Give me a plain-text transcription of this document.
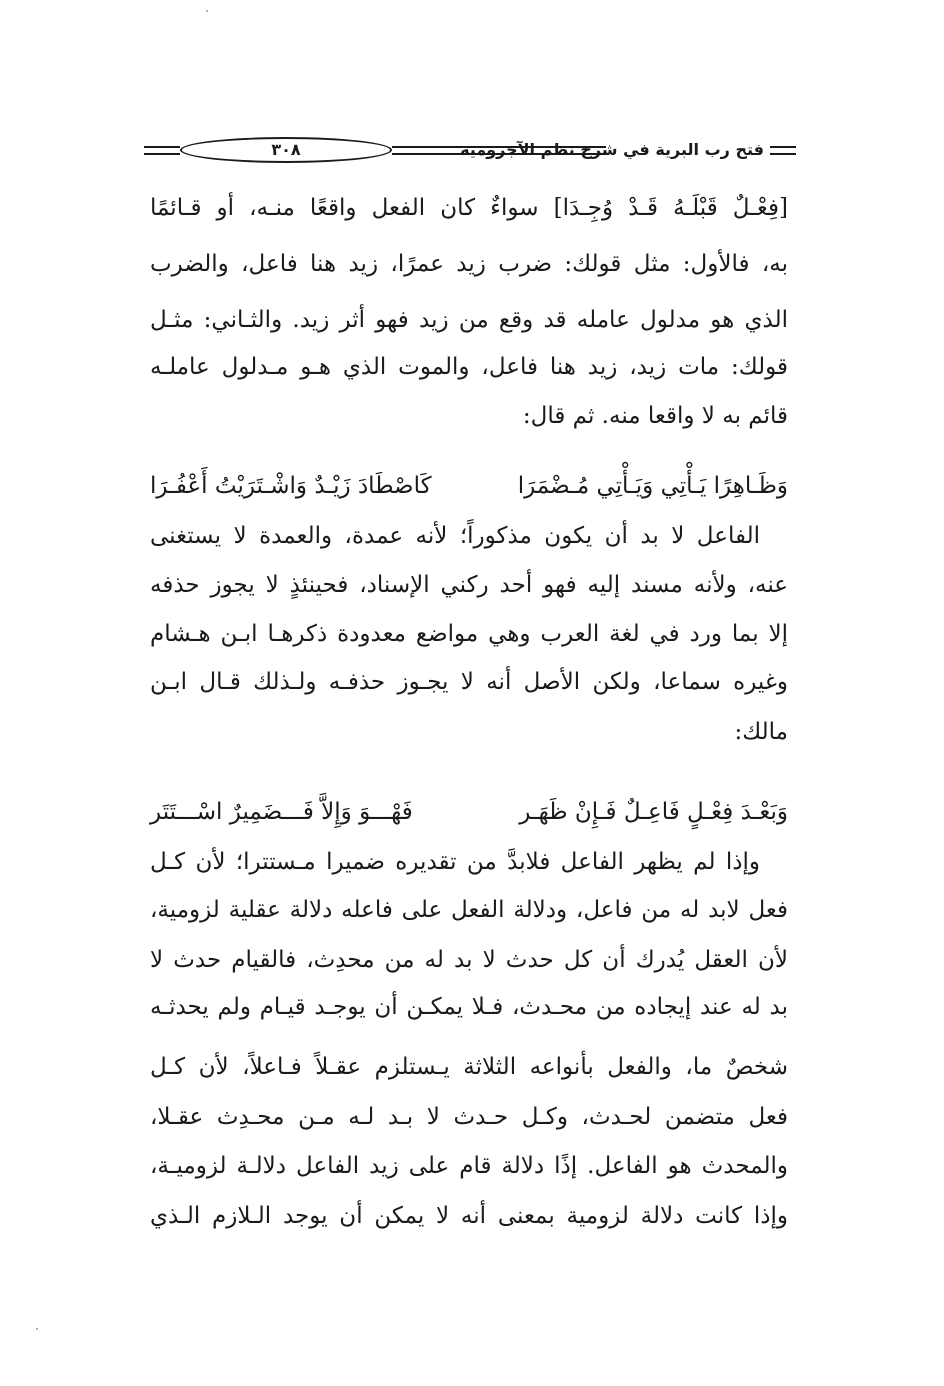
فتح رب البرية في شرح نظم الآجرومية
٣٠٨
[فِعْـلٌ قَبْلَـهُ قَـدْ وُجِـدَا] سواءٌ كان الفعل واقعًا منـه، أو قـائمًا
به، فالأول: مثل قولك: ضرب زيد عمرًا، زيد هنا فاعل، والضرب
الذي هو مدلول عامله قد وقع من زيد فهو أثر زيد. والثـاني: مثـل
قولك: مات زيد، زيد هنا فاعل، والموت الذي هـو مـدلول عاملـه
قائم به لا واقعا منه. ثم قال:
وَظَـاهِرًا يَـأْتِي وَيَـأْتِي مُـضْمَرَا
كَاصْطَادَ زَيْـدٌ وَاشْـتَرَيْتُ أَعْفُـرَا
الفاعل لا بد أن يكون مذكوراً؛ لأنه عمدة، والعمدة لا يستغنى
عنه، ولأنه مسند إليه فهو أحد ركني الإسناد، فحينئذٍ لا يجوز حذفه
إلا بما ورد في لغة العرب وهي مواضع معدودة ذكرهـا ابـن هـشام
وغيره سماعا، ولكن الأصل أنه لا يجـوز حذفـه ولـذلك قـال ابـن
مالك:
وَبَعْـدَ فِعْـلٍ فَاعِـلٌ فَـإِنْ ظَهَـر
فَهْـــوَ وَإِلاَّ فَـــضَمِيرٌ اسْـــتَتَر
وإذا لم يظهر الفاعل فلابدَّ من تقديره ضميرا مـستترا؛ لأن كـل
فعل لابد له من فاعل، ودلالة الفعل على فاعله دلالة عقلية لزومية،
لأن العقل يُدرك أن كل حدث لا بد له من محدِث، فالقيام حدث لا
بد له عند إيجاده من محـدث، فـلا يمكـن أن يوجـد قيـام ولم يحدثـه
شخصٌ ما، والفعل بأنواعه الثلاثة يـستلزم عقـلاً فـاعلاً، لأن كـل
فعل متضمن لحـدث، وكـل حـدث لا بـد لـه مـن محـدِث عقـلا،
والمحدث هو الفاعل. إذًا دلالة قام على زيد الفاعل دلالـة لزوميـة،
وإذا كانت دلالة لزومية بمعنى أنه لا يمكن أن يوجد الـلازم الـذي
